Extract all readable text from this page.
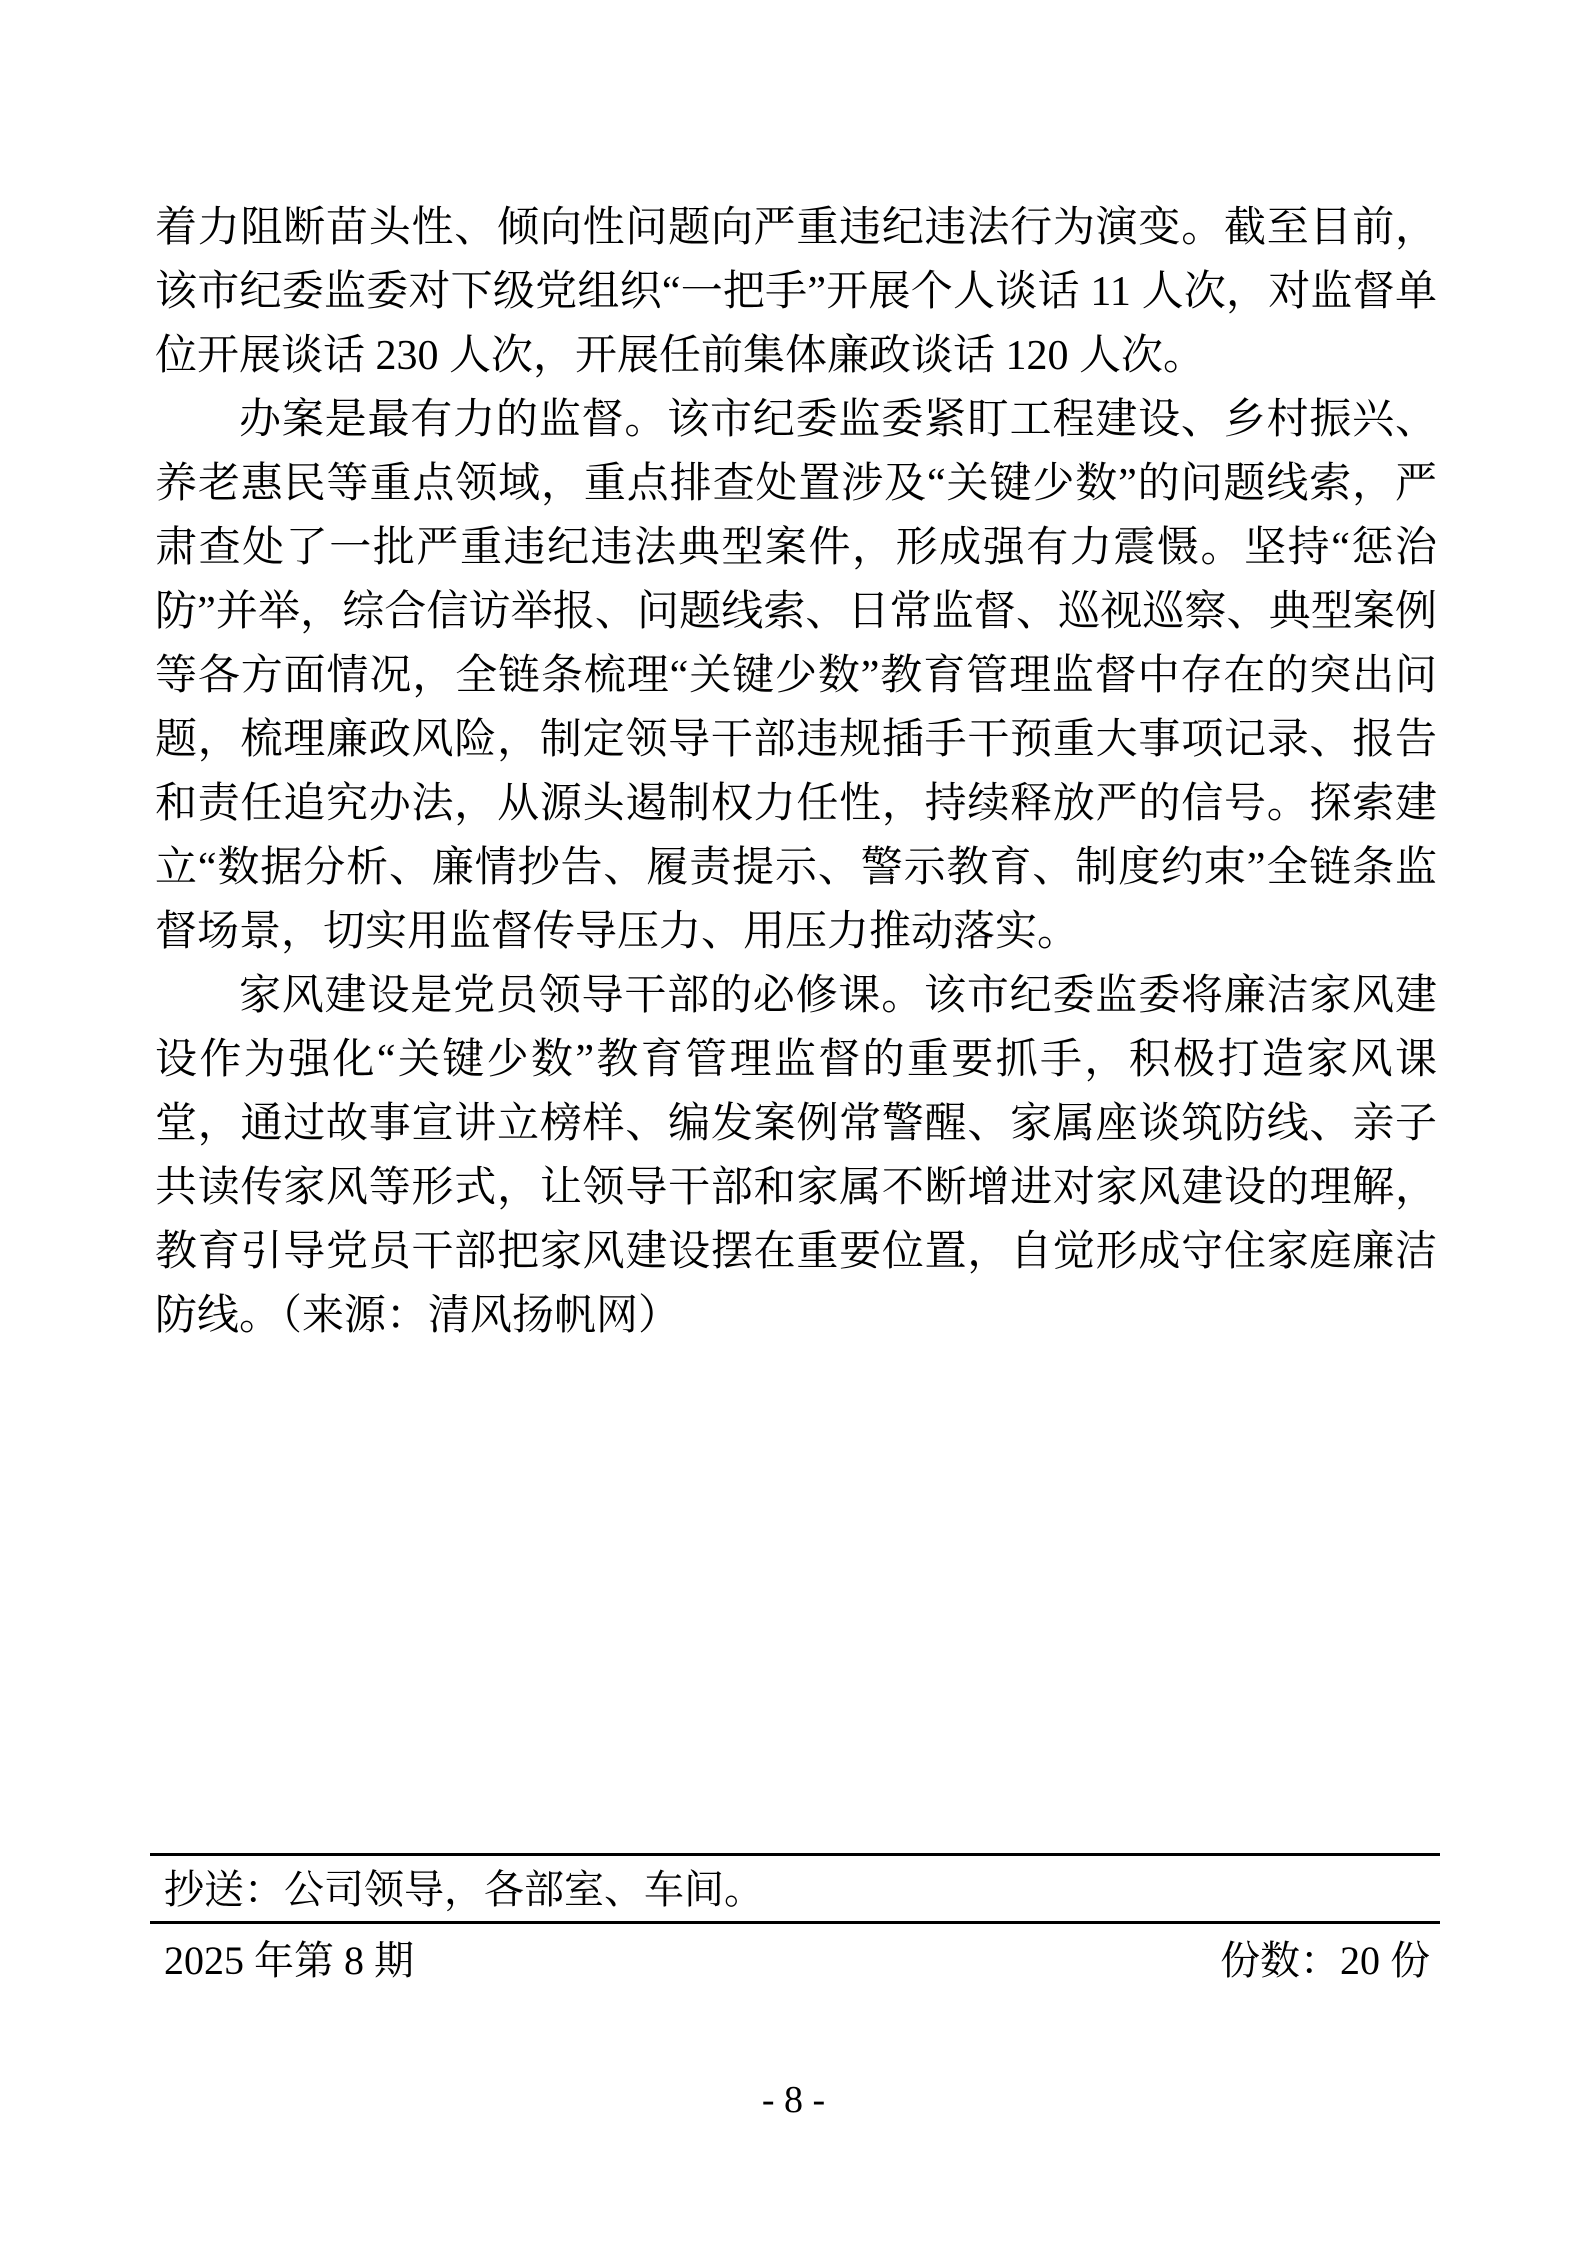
着力阻断苗头性、倾向性问题向严重违纪违法行为演变。截至目前，该市纪委监委对下级党组织“一把手”开展个人谈话 11 人次，对监督单位开展谈话 230 人次，开展任前集体廉政谈话 120 人次。

办案是最有力的监督。该市纪委监委紧盯工程建设、乡村振兴、养老惠民等重点领域，重点排查处置涉及“关键少数”的问题线索，严肃查处了一批严重违纪违法典型案件，形成强有力震慑。坚持“惩治防”并举，综合信访举报、问题线索、日常监督、巡视巡察、典型案例等各方面情况，全链条梳理“关键少数”教育管理监督中存在的突出问题，梳理廉政风险，制定领导干部违规插手干预重大事项记录、报告和责任追究办法，从源头遏制权力任性，持续释放严的信号。探索建立“数据分析、廉情抄告、履责提示、警示教育、制度约束”全链条监督场景，切实用监督传导压力、用压力推动落实。

家风建设是党员领导干部的必修课。该市纪委监委将廉洁家风建设作为强化“关键少数”教育管理监督的重要抓手，积极打造家风课堂，通过故事宣讲立榜样、编发案例常警醒、家属座谈筑防线、亲子共读传家风等形式，让领导干部和家属不断增进对家风建设的理解，教育引导党员干部把家风建设摆在重要位置，自觉形成守住家庭廉洁防线。（来源：清风扬帆网）

抄送：公司领导，各部室、车间。
2025 年第 8 期	份数：20 份
- 8 -
